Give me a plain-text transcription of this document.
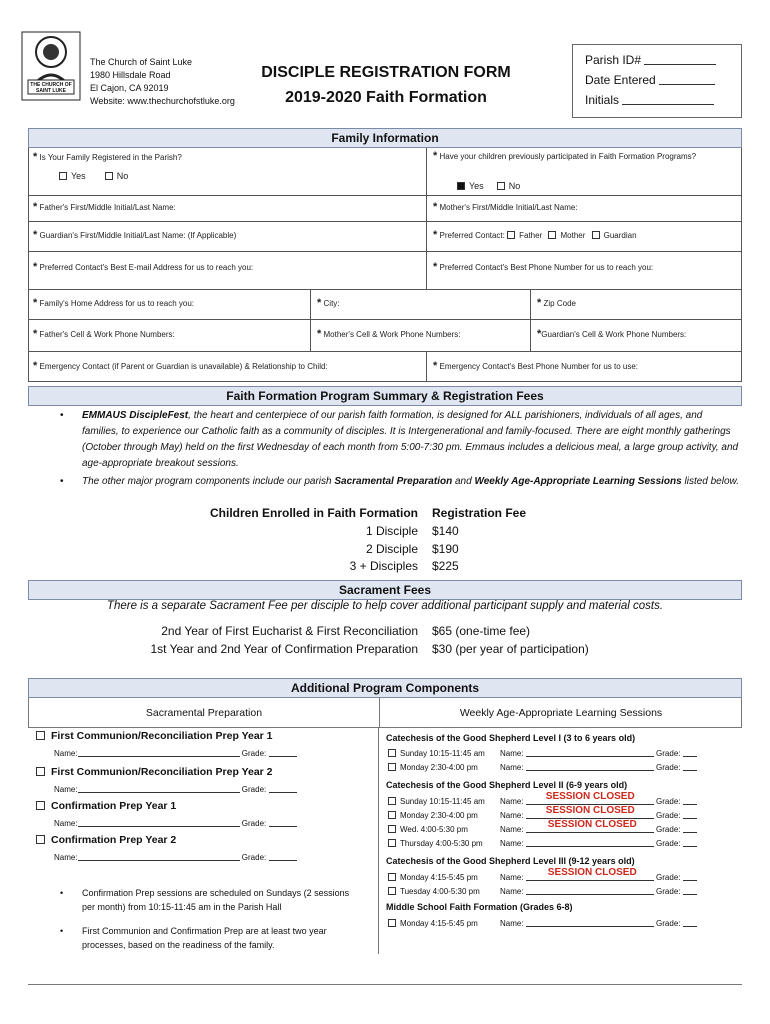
THE CHURCH OF SAINT LUKE
The Church of Saint Luke
1980 Hillsdale Road
El Cajon, CA 92019
Website: www.thechurchofstluke.org
DISCIPLE REGISTRATION FORM
2019-2020 Faith Formation
Parish ID#
Date Entered
Initials
Family Information
* Is Your Family Registered in the Parish?
Yes	No
* Have your children previously participated in Faith Formation Programs?
Yes	No
* Father's First/Middle Initial/Last Name:	* Mother's First/Middle Initial/Last Name:
* Guardian's First/Middle Initial/Last Name: (If Applicable)	* Preferred Contact: Father Mother Guardian
* Preferred Contact's Best E-mail Address for us to reach you:	* Preferred Contact's Best Phone Number for us to reach you:
* Family's Home Address for us to reach you:	* City:	* Zip Code
* Father's Cell & Work Phone Numbers:	* Mother's Cell & Work Phone Numbers:	*Guardian's Cell & Work Phone Numbers:
* Emergency Contact (if Parent or Guardian is unavailable) & Relationship to Child:	* Emergency Contact's Best Phone Number for us to use:
Faith Formation Program Summary & Registration Fees
• EMMAUS DiscipleFest, the heart and centerpiece of our parish faith formation, is designed for ALL parishioners, individuals of all ages, and families, to experience our Catholic faith as a community of disciples. It is Intergenerational and family-focused. There are eight monthly gatherings (October through May) held on the first Wednesday of each month from 5:00-7:30 pm. Emmaus includes a delicious meal, a large group activity, and age-appropriate breakout sessions.
• The other major program components include our parish Sacramental Preparation and Weekly Age-Appropriate Learning Sessions listed below.
Children Enrolled in Faith Formation Registration Fee
1 Disciple $140
2 Disciple $190
3 + Disciples $225
Sacrament Fees
There is a separate Sacrament Fee per disciple to help cover additional participant supply and material costs.
2nd Year of First Eucharist & First Reconciliation $65 (one-time fee)
1st Year and 2nd Year of Confirmation Preparation $30 (per year of participation)
Additional Program Components
Sacramental Preparation	Weekly Age-Appropriate Learning Sessions
First Communion/Reconciliation Prep Year 1
Name:	Grade:
First Communion/Reconciliation Prep Year 2
Name:	Grade:
Confirmation Prep Year 1
Name:	Grade:
Confirmation Prep Year 2
Name:	Grade:
• Confirmation Prep sessions are scheduled on Sundays (2 sessions per month) from 10:15-11:45 am in the Parish Hall
• First Communion and Confirmation Prep are at least two year processes, based on the readiness of the family.
Catechesis of the Good Shepherd Level I (3 to 6 years old)
Sunday 10:15-11:45 am Name:	Grade:
Monday 2:30-4:00 pm	Name:	Grade:
Catechesis of the Good Shepherd Level II (6-9 years old)
Sunday 10:15-11:45 am Name: SESSION CLOSED	Grade:
Monday 2:30-4:00 pm	Name: SESSION CLOSED	Grade:
Wed. 4:00-5:30 pm	Name: SESSION CLOSED Grade:
Thursday 4:00-5:30 pm Name:	Grade:
Catechesis of the Good Shepherd Level III (9-12 years old)
Monday 4:15-5:45 pm	Name: SESSION CLOSED Grade:
Tuesday 4:00-5:30 pm	Name:	Grade:
Middle School Faith Formation (Grades 6-8)
Monday 4:15-5:45 pm	Name:	Grade:
